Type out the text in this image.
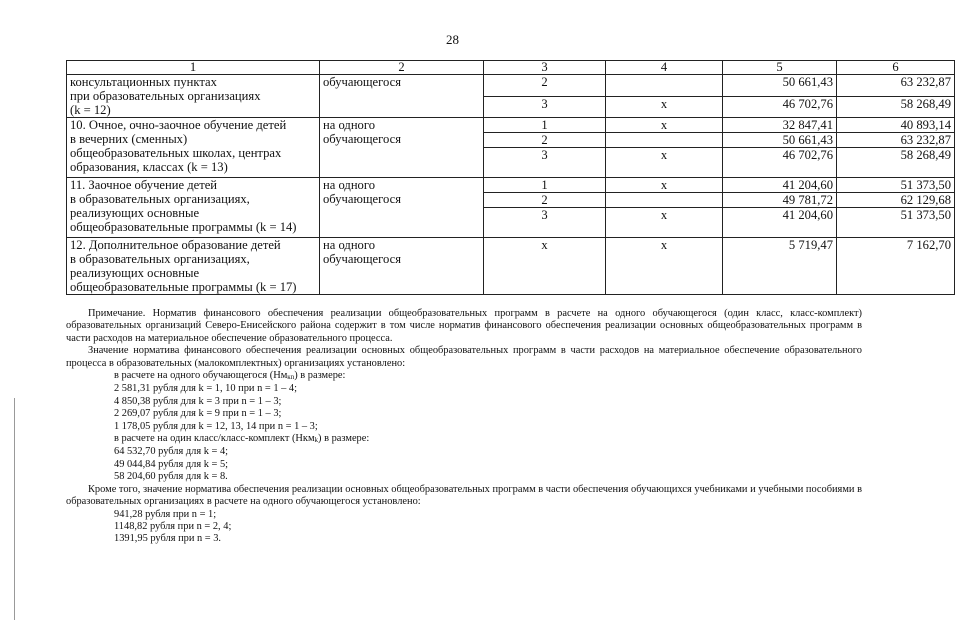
28
1	2	3	4	5	6
консультационных пунктах
при образовательных организациях
(k = 12)	обучающегося	2		50 661,43	63 232,87
		3	х	46 702,76	58 268,49
10. Очное, очно-заочное обучение детей
в вечерних (сменных)
общеобразовательных школах, центрах
образования, классах (k = 13)	на одного
обучающегося	1	х	32 847,41	40 893,14
		2		50 661,43	63 232,87
		3	х	46 702,76	58 268,49
11. Заочное обучение детей
в образовательных организациях,
реализующих основные
общеобразовательные программы (k = 14)	на одного
обучающегося	1	х	41 204,60	51 373,50
		2		49 781,72	62 129,68
		3	х	41 204,60	51 373,50
12. Дополнительное образование детей
в образовательных организациях,
реализующих основные
общеобразовательные программы (k = 17)	на одного
обучающегося	х	х	5 719,47	7 162,70

Примечание. Норматив финансового обеспечения реализации общеобразовательных программ в расчете на одного обучающегося (один класс, класс-комплект) образовательных организаций Северо-Енисейского района содержит в том числе норматив финансового обеспечения реализации основных общеобразовательных программ в части расходов на материальное обеспечение образовательного процесса.

Значение норматива финансового обеспечения реализации основных общеобразовательных программ в части расходов на материальное обеспечение образовательного процесса в образовательных (малокомплектных) организациях установлено:

в расчете на одного обучающегося $(Нм_{кn})$ в размере:

2 581,31 рубля для k = 1, 10 при n = 1 – 4;

4 850,38 рубля для k = 3 при n = 1 – 3;

2 269,07 рубля для k = 9 при n = 1 – 3;

1 178,05 рубля для k = 12, 13, 14 при n = 1 – 3;

в расчете на один класс/класс-комплект (Нкм$_k$) в размере:

64 532,70 рубля для k = 4;

49 044,84 рубля для k = 5;

58 204,60 рубля для k = 8.

Кроме того, значение норматива обеспечения реализации основных общеобразовательных программ в части обеспечения обучающихся учебниками и учебными пособиями в образовательных организациях в расчете на одного обучающегося установлено:

941,28 рубля при n = 1;

1148,82 рубля при n = 2, 4;

1391,95 рубля при n = 3.
